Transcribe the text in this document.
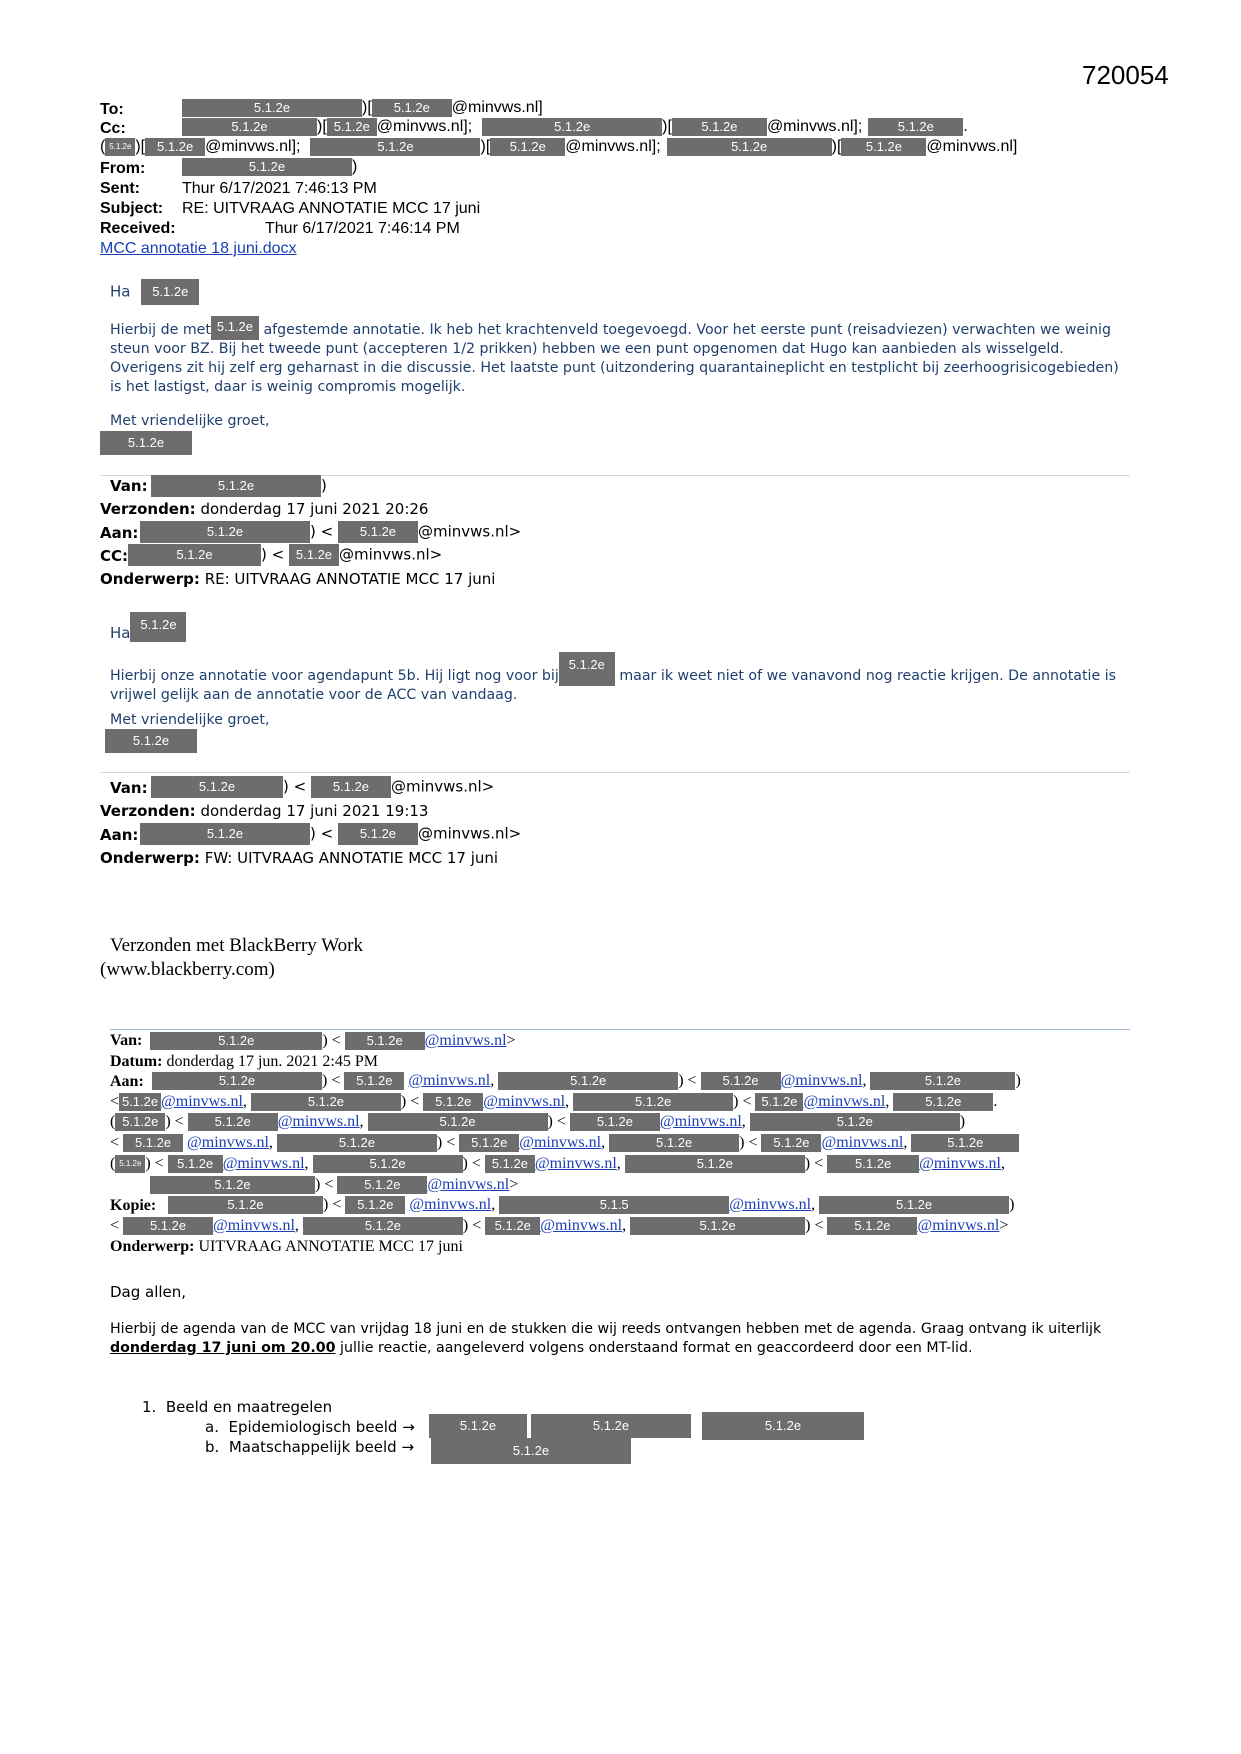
720054
To:	5.1.2e	)[ 5.1.2e @minvws.nl]
Cc:	5.1.2e	)[ 5.1.2e @minvws.nl];	5.1.2e	)[ 5.1.2e @minvws.nl];	5.1.2e .
( 5.1.2e )[ 5.1.2e @minvws.nl];	5.1.2e	)[ 5.1.2e @minvws.nl];	5.1.2e	)[ 5.1.2e @minvws.nl]
From:	5.1.2e	)
Sent:	Thur 6/17/2021 7:46:13 PM
Subject: RE: UITVRAAG ANNOTATIE MCC 17 juni
Received:	Thur 6/17/2021 7:46:14 PM
MCC annotatie 18 juni.docx
Ha 5.1.2e
Hierbij de met 5.1.2e afgestemde annotatie. Ik heb het krachtenveld toegevoegd. Voor het eerste punt (reisadviezen) verwachten we weinig steun voor BZ. Bij het tweede punt (accepteren 1/2 prikken) hebben we een punt opgenomen dat Hugo kan aanbieden als wisselgeld. Overigens zit hij zelf erg geharnast in die discussie. Het laatste punt (uitzondering quarantaineplicht en testplicht bij zeerhoogrisicogebieden) is het lastigst, daar is weinig compromis mogelijk.
Met vriendelijke groet,
5.1.2e
Van:	5.1.2e	)
Verzonden: donderdag 17 juni 2021 20:26
Aan:	5.1.2e	) < 5.1.2e @minvws.nl>
CC:	5.1.2e	) < 5.1.2e @minvws.nl>
Onderwerp: RE: UITVRAAG ANNOTATIE MCC 17 juni
Ha 5.1.2e
Hierbij onze annotatie voor agendapunt 5b. Hij ligt nog voor bij5.1.2e maar ik weet niet of we vanavond nog reactie krijgen. De annotatie is vrijwel gelijk aan de annotatie voor de ACC van vandaag.
Met vriendelijke groet,
5.1.2e
Van:	5.1.2e	) < 5.1.2e @minvws.nl>
Verzonden: donderdag 17 juni 2021 19:13
Aan:	5.1.2e	) < 5.1.2e @minvws.nl>
Onderwerp: FW: UITVRAAG ANNOTATIE MCC 17 juni
Verzonden met BlackBerry Work
(www.blackberry.com)
Van:	5.1.2e	) < 5.1.2e @minvws.nl>
Datum: donderdag 17 jun. 2021 2:45 PM
Aan:	5.1.2e	) < 5.1.2e @minvws.nl,	5.1.2e	) < 5.1.2e @minvws.nl,	5.1.2e	)
< 5.1.2e @minvws.nl,	5.1.2e	) < 5.1.2e @minvws.nl,	5.1.2e	) < 5.1.2e @minvws.nl, 5.1.2e .
( 5.1.2e ) < 5.1.2e @minvws.nl,	5.1.2e	) < 5.1.2e @minvws.nl,	5.1.2e	)
< 5.1.2e @minvws.nl,	5.1.2e	) < 5.1.2e @minvws.nl,	5.1.2e	) < 5.1.2e @minvws.nl,	5.1.2e
( 5.1.2e ) < 5.1.2e @minvws.nl,	5.1.2e	) < 5.1.2e @minvws.nl,	5.1.2e	) < 5.1.2e @minvws.nl,
5.1.2e	) < 5.1.2e @minvws.nl>
Kopie:	5.1.2e	) < 5.1.2e @minvws.nl,	5.1.5	@minvws.nl,	5.1.2e	)
< 5.1.2e @minvws.nl,	5.1.2e	) < 5.1.2e @minvws.nl,	5.1.2e	) < 5.1.2e @minvws.nl>
Onderwerp: UITVRAAG ANNOTATIE MCC 17 juni
Dag allen,
Hierbij de agenda van de MCC van vrijdag 18 juni en de stukken die wij reeds ontvangen hebben met de agenda. Graag ontvang ik uiterlijk donderdag 17 juni om 20.00 jullie reactie, aangeleverd volgens onderstaand format en geaccordeerd door een MT-lid.
1. Beeld en maatregelen
a. Epidemiologisch beeld →	5.1.2e	5.1.2e	5.1.2e
b. Maatschappelijk beeld →	5.1.2e
